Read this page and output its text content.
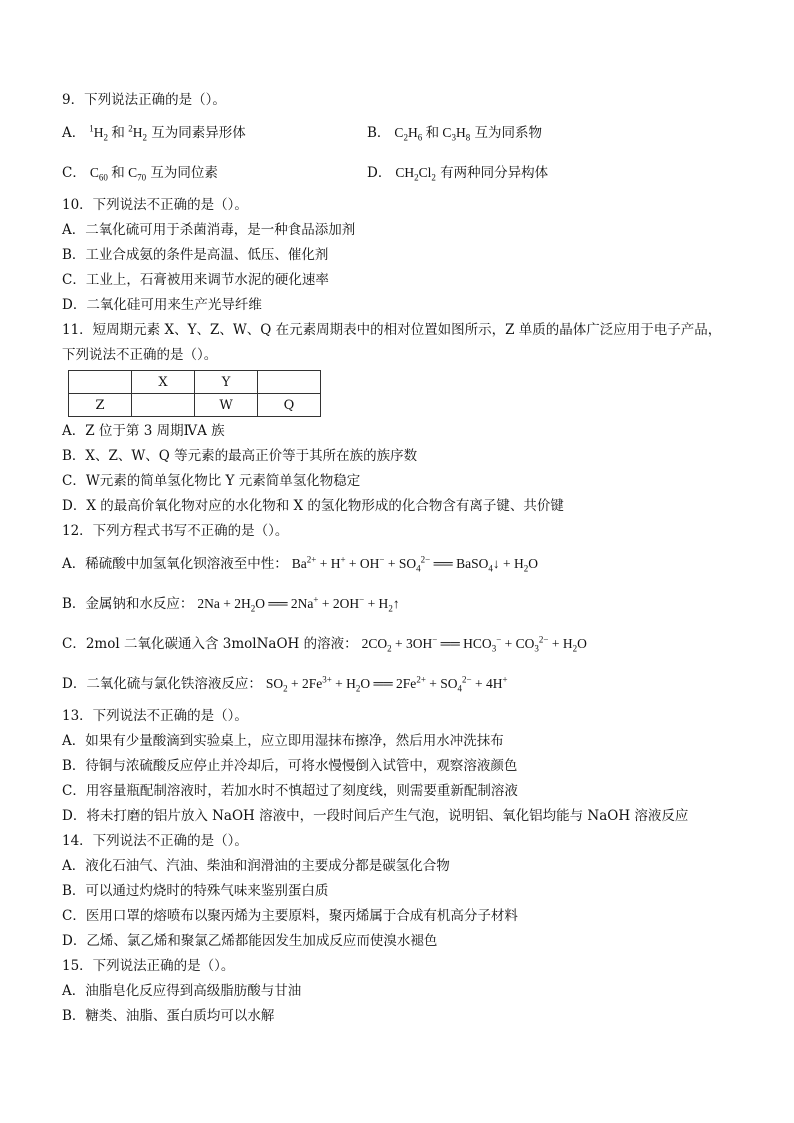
9．下列说法正确的是（）。
A． $^1H_2$ 和 $^2H_2$ 互为同素异形体	B． $C_2H_6$ 和 $C_3H_8$ 互为同系物
C． $C_{60}$ 和 $C_{70}$ 互为同位素	D． $CH_2Cl_2$ 有两种同分异构体
10．下列说法不正确的是（）。
A．二氧化硫可用于杀菌消毒，是一种食品添加剂
B．工业合成氨的条件是高温、低压、催化剂
C．工业上，石膏被用来调节水泥的硬化速率
D．二氧化硅可用来生产光导纤维
11．短周期元素 X、Y、Z、W、Q 在元素周期表中的相对位置如图所示，Z 单质的晶体广泛应用于电子产品，
下列说法不正确的是（）。
	X	Y	
Z		W	Q
A．Z 位于第 3 周期ⅣA 族
B．X、Z、W、Q 等元素的最高正价等于其所在族的族序数
C．W元素的简单氢化物比 Y 元素简单氢化物稳定
D．X 的最高价氧化物对应的水化物和 X 的氢化物形成的化合物含有离子键、共价键
12．下列方程式书写不正确的是（）。
A．稀硫酸中加氢氧化钡溶液至中性： $Ba^{2+} + H^+ + OH^- + SO_4^{2-}$ ══ BaSO$_4$↓ + $H_2O$
B．金属钠和水反应： $2Na + 2H_2O$ ══ $2Na^+ + 2OH^- + H_2↑$
C．2mol 二氧化碳通入含 3molNaOH 的溶液： $2CO_2 + 3OH^-$ ══ $HCO_3^- + CO_3^{2-} + H_2O$
D．二氧化硫与氯化铁溶液反应： $SO_2 + 2Fe^{3+} + H_2O$ ══ $2Fe^{2+} + SO_4^{2-} + 4H^+$
13．下列说法不正确的是（）。
A．如果有少量酸滴到实验桌上，应立即用湿抹布擦净，然后用水冲洗抹布
B．待铜与浓硫酸反应停止并冷却后，可将水慢慢倒入试管中，观察溶液颜色
C．用容量瓶配制溶液时，若加水时不慎超过了刻度线，则需要重新配制溶液
D．将未打磨的铝片放入 NaOH 溶液中，一段时间后产生气泡，说明铝、氧化铝均能与 NaOH 溶液反应
14．下列说法不正确的是（）。
A．液化石油气、汽油、柴油和润滑油的主要成分都是碳氢化合物
B．可以通过灼烧时的特殊气味来鉴别蛋白质
C．医用口罩的熔喷布以聚丙烯为主要原料，聚丙烯属于合成有机高分子材料
D．乙烯、氯乙烯和聚氯乙烯都能因发生加成反应而使溴水褪色
15．下列说法正确的是（）。
A．油脂皂化反应得到高级脂肪酸与甘油
B．糖类、油脂、蛋白质均可以水解
